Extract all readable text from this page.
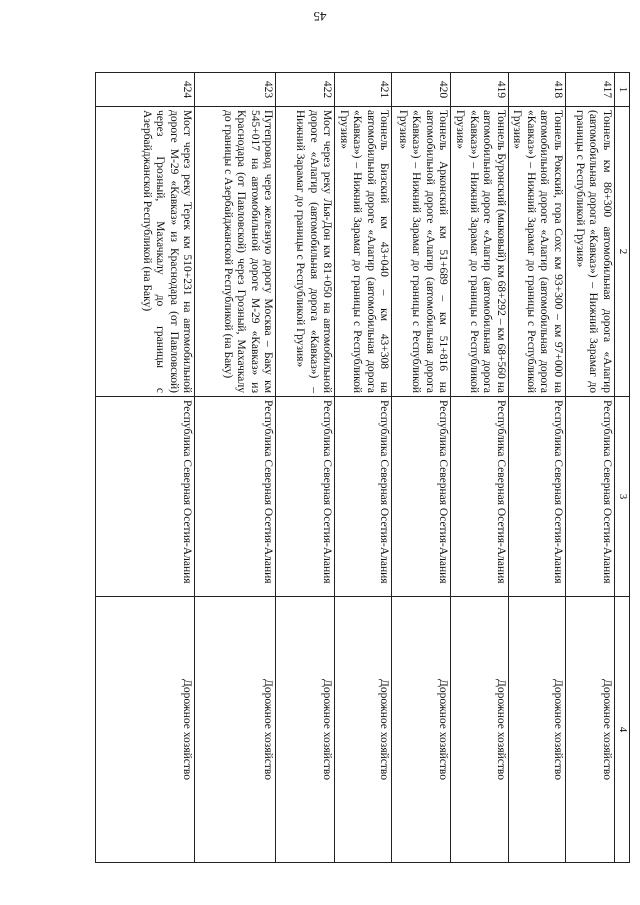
45
1	2	3	4
417	Тоннель км 86+300 автомобильная дорога «Алагир (автомобильная дорога «Кавказ») – Нижний Зарамаг до границы с Республикой Грузия»	Республика Северная Осетия-Алания	Дорожное хозяйство
418	Тоннель Рокский, гора Сохс км 93+300 – км 97+000 на автомобильной дороге «Алагир (автомобильная дорога «Кавказ») – Нижний Зарамаг до границы с Республикой Грузия»	Республика Северная Осетия-Алания	Дорожное хозяйство
419	Тоннель Буронский (мыковый) км 68+292 – км 68+560 на автомобильной дороге «Алагир (автомобильная дорога «Кавказ») – Нижний Зарамаг до границы с Республикой Грузия»	Республика Северная Осетия-Алания	Дорожное хозяйство
420	Тоннель Арконский км 51+689 – км 51+816 на автомобильной дороге «Алагир (автомобильная дорога «Кавказ») – Нижний Зарамаг до границы с Республикой Грузия»	Республика Северная Осетия-Алания	Дорожное хозяйство
421	Тоннель Бизский км 43+040 – км 43+308 на автомобильной дороге «Алагир (автомобильная дорога «Кавказ») – Нижний Зарамаг до границы с Республикой Грузия»	Республика Северная Осетия-Алания	Дорожное хозяйство
422	Мост через реку Лья-Дон км 81+050 на автомобильной дороге «Алагир (автомобильная дорога «Кавказ») – Нижний Зарамаг до границы с Республикой Грузия»	Республика Северная Осетия-Алания	Дорожное хозяйство
423	Путепровод через железную дорогу Москва – Баку км 545+017 на автомобильной дороге М-29 «Кавказ» из Краснодара (от Павловской) через Грозный, Махачкалу до границы с Азербайджанской Республикой (на Баку)	Республика Северная Осетия-Алания	Дорожное хозяйство
424	Мост через реку Терек км 510+231 на автомобильной дороге М-29 «Кавказ» из Краснодара (от Павловской) через Грозный, Махачкалу до границы с Азербайджанской Республикой (на Баку)	Республика Северная Осетия-Алания	Дорожное хозяйство
